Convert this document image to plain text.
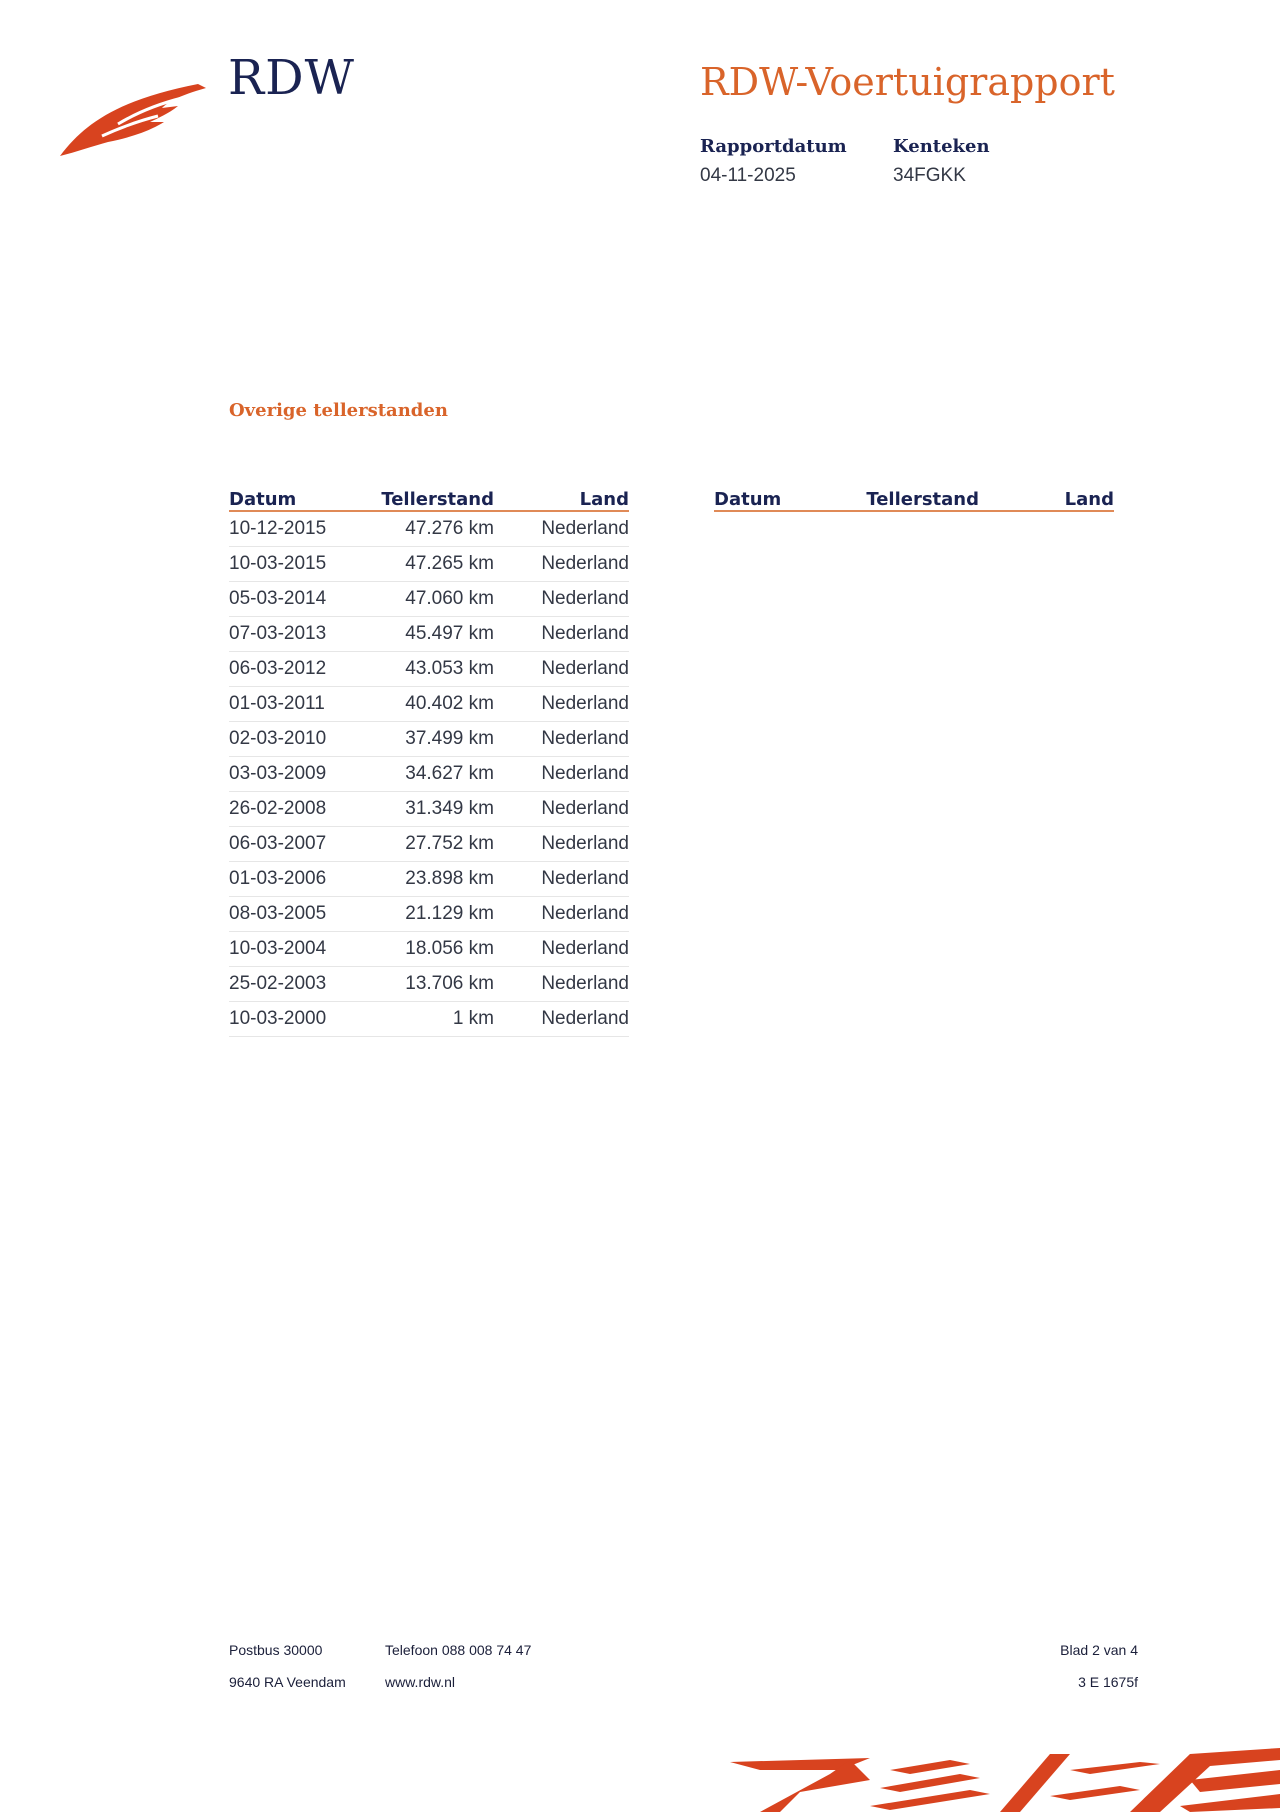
RDW	RDW-Voertuigrapport
Rapportdatum
04-11-2025
Kenteken
34FGKK
Overige tellerstanden
Datum	Tellerstand	Land
10-12-2015	47.276 km	Nederland
10-03-2015	47.265 km	Nederland
05-03-2014	47.060 km	Nederland
07-03-2013	45.497 km	Nederland
06-03-2012	43.053 km	Nederland
01-03-2011	40.402 km	Nederland
02-03-2010	37.499 km	Nederland
03-03-2009	34.627 km	Nederland
26-02-2008	31.349 km	Nederland
06-03-2007	27.752 km	Nederland
01-03-2006	23.898 km	Nederland
08-03-2005	21.129 km	Nederland
10-03-2004	18.056 km	Nederland
25-02-2003	13.706 km	Nederland
10-03-2000	1 km	Nederland
Datum	Tellerstand	Land
Postbus 30000
9640 RA Veendam
Telefoon 088 008 74 47
www.rdw.nl
Blad 2 van 4
3 E 1675f
